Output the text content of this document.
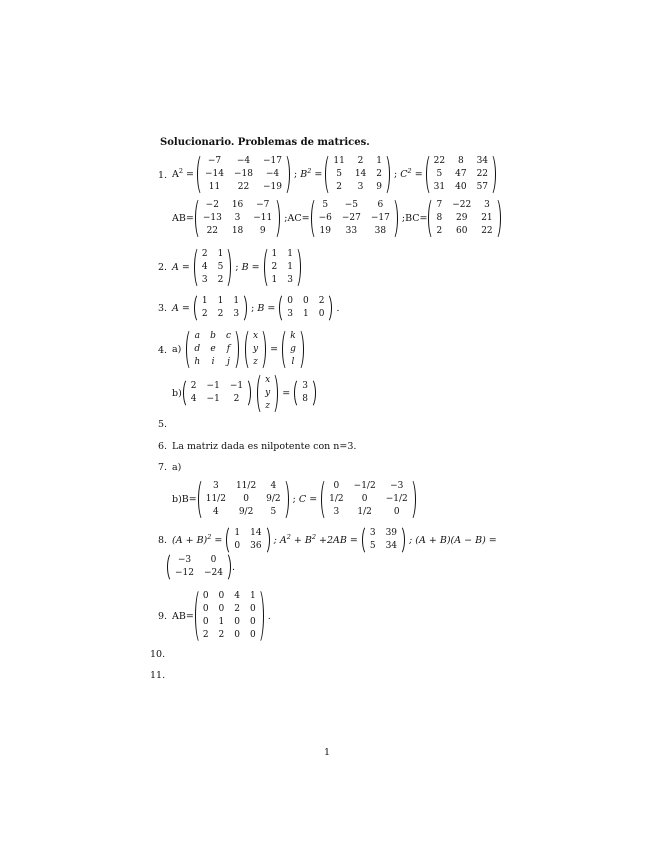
Solucionario. Problemas de matrices.
1. $A^2$ =
−7	−4	−17
−14 −18	−4
11	22	−19
; $B^2$ =
11	2	1
5	14 2
2	3	9
; $C^2$ =
22	8	34
5	47 22
31 40 57
AB=
−2	16	−7
−13	3	−11
22	18	9
;AC=
5	−5	6
−6 −27 −17
19	33	38
;BC=
7 −22	3
8	29	21
2	60	22
2. A =
2 1
4 5
3 2
; B =
1 1
2 1
1 3
3. A =
1 1 1
2 2 3
; B =
0 0 2
3 1 0
.
4. a)
a b c
d e f
h i j
x
y
z
=
k
g
l
b)
2 −1 −1
4 −1	2
x
y
z
=
3
8
5.
6. La matriz dada es nilpotente con n=3.
7. a)
b)B=
3	11/2	4
11/2	0	9/2
4	9/2	5
; C =
0	−1/2	−3
1/2	0	−1/2
3	1/2	0
8. $(A + B)^2$ =
1 14
0 36 ; $A^2 + B^2 +2AB$ =
3 39
5 34
; (A + B)(A − B) =
−3	0
−12 −24
.
9. AB=
0 0 4 1
0 0 2 0
0 1 0 0
2 2 0 0
.
10.
11.
1
